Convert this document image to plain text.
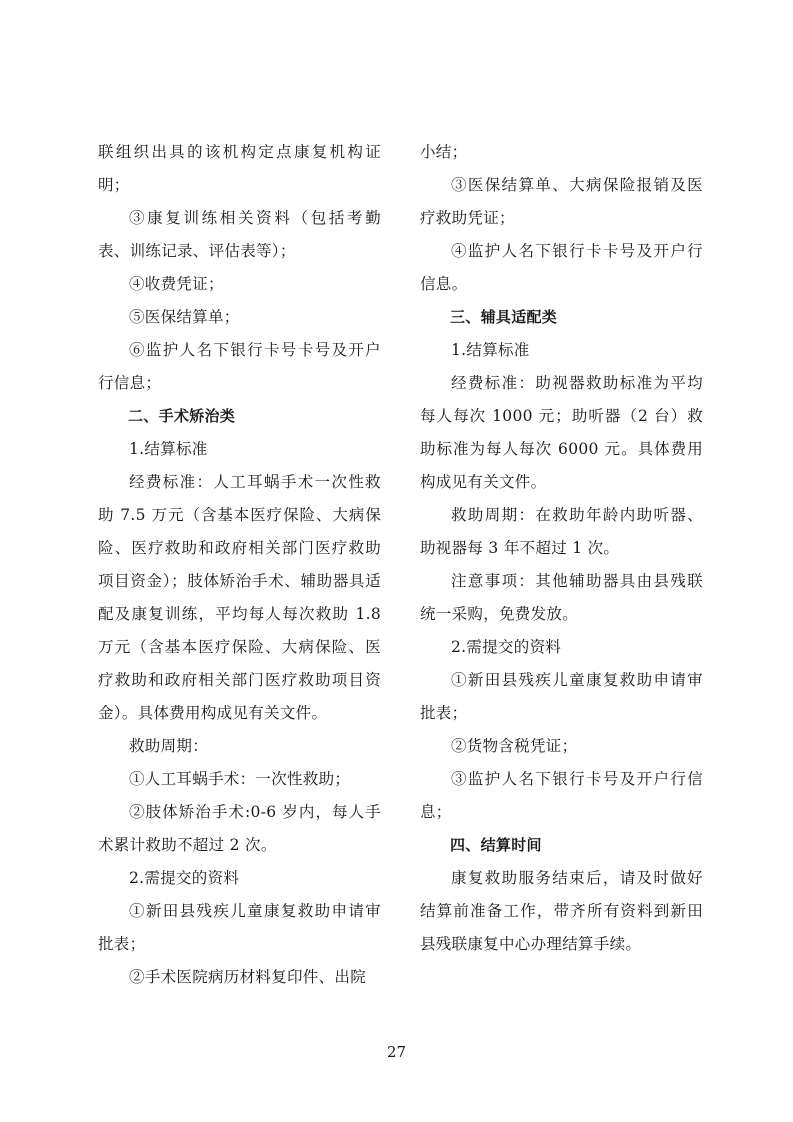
联组织出具的该机构定点康复机构证明；

③康复训练相关资料（包括考勤表、训练记录、评估表等）；

④收费凭证；

⑤医保结算单；

⑥监护人名下银行卡号卡号及开户行信息；

二、手术矫治类

1.结算标准

经费标准：人工耳蜗手术一次性救助 7.5 万元（含基本医疗保险、大病保险、医疗救助和政府相关部门医疗救助项目资金）；肢体矫治手术、辅助器具适配及康复训练，平均每人每次救助 1.8 万元（含基本医疗保险、大病保险、医疗救助和政府相关部门医疗救助项目资金）。具体费用构成见有关文件。

救助周期：

①人工耳蜗手术：一次性救助；

②肢体矫治手术:0-6 岁内，每人手术累计救助不超过 2 次。

2.需提交的资料

①新田县残疾儿童康复救助申请审批表；

②手术医院病历材料复印件、出院

小结；

③医保结算单、大病保险报销及医疗救助凭证；

④监护人名下银行卡卡号及开户行信息。

三、辅具适配类

1.结算标准

经费标准：助视器救助标准为平均每人每次 1000 元；助听器（2 台）救助标准为每人每次 6000 元。具体费用构成见有关文件。

救助周期：在救助年龄内助听器、助视器每 3 年不超过 1 次。

注意事项：其他辅助器具由县残联统一采购，免费发放。

2.需提交的资料

①新田县残疾儿童康复救助申请审批表；

②货物含税凭证；

③监护人名下银行卡号及开户行信息；

四、结算时间

康复救助服务结束后，请及时做好结算前准备工作，带齐所有资料到新田县残联康复中心办理结算手续。

27
